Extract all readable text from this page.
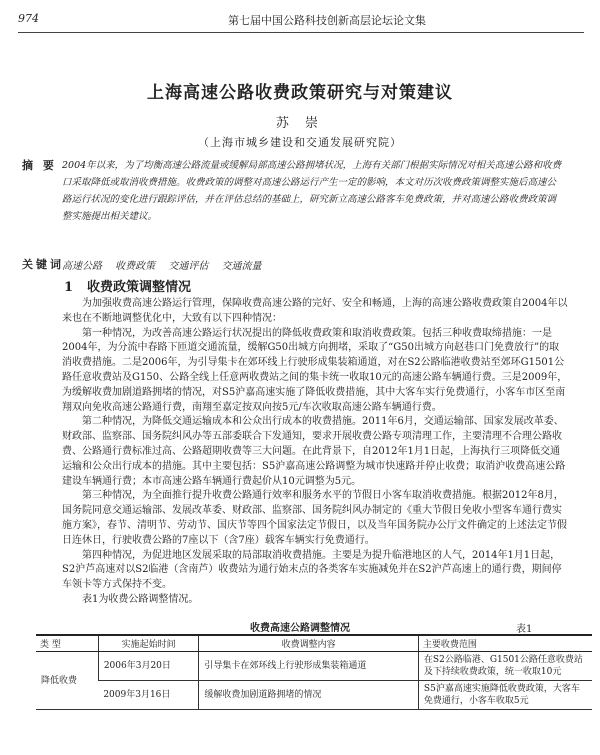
974	第七届中国公路科技创新高层论坛论文集
上海高速公路收费政策研究与对策建议
苏 崇
（上海市城乡建设和交通发展研究院）
摘 要 2004年以来，为了均衡高速公路流量或缓解局部高速公路拥堵状况，上海有关部门根据实际情况对相关高速公路和收费口采取降低或取消收费措施。收费政策的调整对高速公路运行产生一定的影响，本文对历次收费政策调整实施后高速公路运行状况的变化进行跟踪评估，并在评估总结的基础上，研究新立高速公路客车免费政策，并对高速公路收费政策调整实施提出相关建议。
关键词
高速公路 收费政策 交通评估 交通流量
1 收费政策调整情况

为加强收费高速公路运行管理，保障收费高速公路的完好、安全和畅通，上海的高速公路收费政策自2004年以来也在不断地调整优化中，大致有以下四种情况：

第一种情况，为改善高速公路运行状况提出的降低收费政策和取消收费政策。包括三种收费取缔措施：一是2004年，为分流中春路下匝道交通流量，缓解G50出城方向拥堵，采取了“G50出城方向赵巷口门免费放行”的取消收费措施。二是2006年，为引导集卡在郊环线上行驶形成集装箱通道，对在S2公路临港收费站至郊环G1501公路任意收费站及G150、公路全线上任意两收费站之间的集卡统一收取10元的高速公路车辆通行费。三是2009年，为缓解收费加剧道路拥堵的情况，对S5沪嘉高速实施了降低收费措施，其中大客车实行免费通行，小客车市区至南翔双向免收高速公路通行费，南翔至嘉定按双向按5元/车次收取高速公路车辆通行费。

第二种情况，为降低交通运输成本和公众出行成本的收费措施。2011年6月，交通运输部、国家发展改革委、财政部、监察部、国务院纠风办等五部委联合下发通知，要求开展收费公路专项清理工作，主要清理不合理公路收费、公路通行费标准过高、公路超期收费等三大问题。在此背景下，自2012年1月1日起，上海执行三项降低交通运输和公众出行成本的措施。其中主要包括：S5沪嘉高速公路调整为城市快速路并停止收费；取消沪收费高速公路建设车辆通行费；本市高速公路车辆通行费起价从10元调整为5元。

第三种情况，为全面推行提升收费公路通行效率和服务水平的节假日小客车取消收费措施。根据2012年8月，国务院同意交通运输部、发展改革委、财政部、监察部、国务院纠风办制定的《重大节假日免收小型客车通行费实施方案》，春节、清明节、劳动节、国庆节等四个国家法定节假日，以及当年国务院办公厅文件确定的上述法定节假日连休日，行驶收费公路的7座以下（含7座）载客车辆实行免费通行。

第四种情况，为促进地区发展采取的局部取消收费措施。主要是为提升临港地区的人气，2014年1月1日起，S2沪芦高速对以S2临港（含南芦）收费站为通行始末点的各类客车实施减免并在S2沪芦高速上的通行费，期间停车领卡等方式保持不变。

表1为收费公路调整情况。

收费高速公路调整情况	表1
类 型	实施起始时间	收费调整内容	主要收费范围
降低收费	2006年3月20日	引导集卡在郊环线上行驶形成集装箱通道	在S2公路临港、G1501公路任意收费站及下持续收费政策，统一收取10元
	2009年3月16日	缓解收费加剧道路拥堵的情况	S5沪嘉高速实施降低收费政策，大客车免费通行，小客车收取5元
